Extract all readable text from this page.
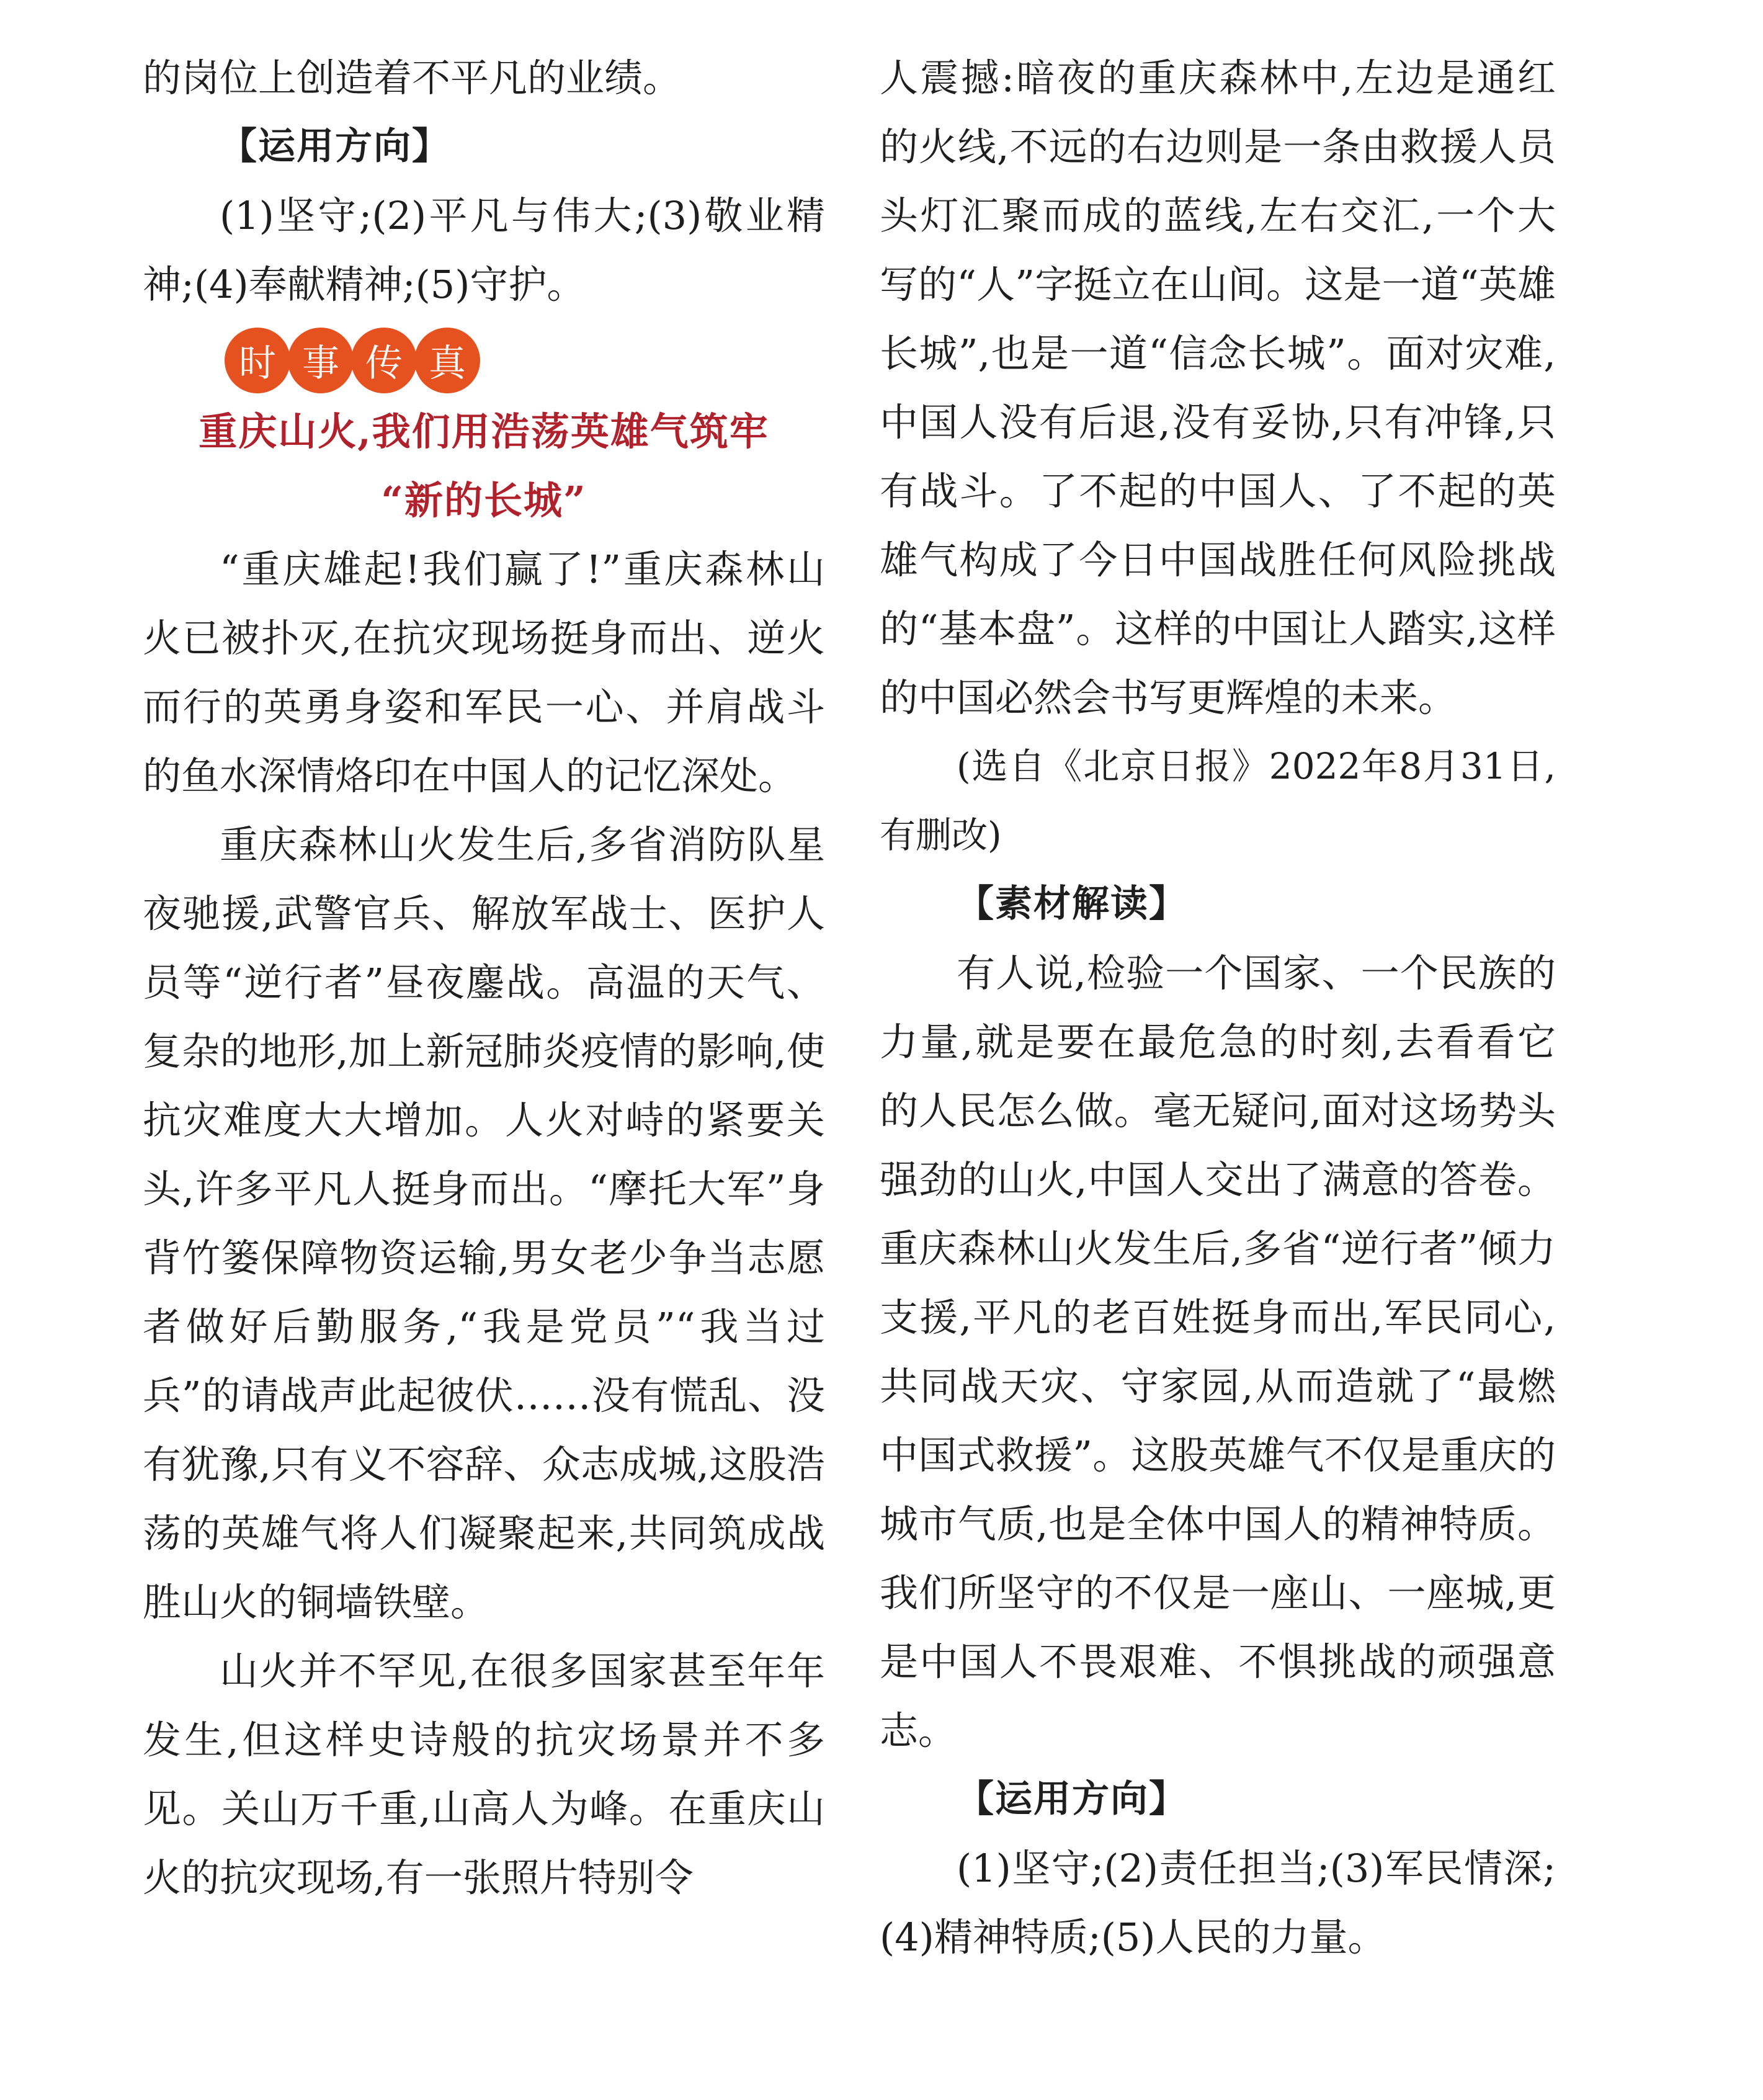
的岗位上创造着不平凡的业绩。

【运用方向】

(1)坚守;(2)平凡与伟大;(3)敬业精神;(4)奉献精神;(5)守护。

时 事 传 真
重庆山火,我们用浩荡英雄气筑牢
“新的长城”

“重庆雄起!我们赢了!”重庆森林山火已被扑灭,在抗灾现场挺身而出、逆火而行的英勇身姿和军民一心、并肩战斗的鱼水深情烙印在中国人的记忆深处。

重庆森林山火发生后,多省消防队星夜驰援,武警官兵、解放军战士、医护人员等“逆行者”昼夜鏖战。高温的天气、复杂的地形,加上新冠肺炎疫情的影响,使抗灾难度大大增加。人火对峙的紧要关头,许多平凡人挺身而出。“摩托大军”身背竹篓保障物资运输,男女老少争当志愿者做好后勤服务,“我是党员”“我当过兵”的请战声此起彼伏……没有慌乱、没有犹豫,只有义不容辞、众志成城,这股浩荡的英雄气将人们凝聚起来,共同筑成战胜山火的铜墙铁壁。

山火并不罕见,在很多国家甚至年年发生,但这样史诗般的抗灾场景并不多见。关山万千重,山高人为峰。在重庆山火的抗灾现场,有一张照片特别令

人震撼:暗夜的重庆森林中,左边是通红的火线,不远的右边则是一条由救援人员头灯汇聚而成的蓝线,左右交汇,一个大写的“人”字挺立在山间。这是一道“英雄长城”,也是一道“信念长城”。面对灾难,中国人没有后退,没有妥协,只有冲锋,只有战斗。了不起的中国人、了不起的英雄气构成了今日中国战胜任何风险挑战的“基本盘”。这样的中国让人踏实,这样的中国必然会书写更辉煌的未来。

(选自《北京日报》2022年8月31日,有删改)

【素材解读】

有人说,检验一个国家、一个民族的力量,就是要在最危急的时刻,去看看它的人民怎么做。毫无疑问,面对这场势头强劲的山火,中国人交出了满意的答卷。重庆森林山火发生后,多省“逆行者”倾力支援,平凡的老百姓挺身而出,军民同心,共同战天灾、守家园,从而造就了“最燃中国式救援”。这股英雄气不仅是重庆的城市气质,也是全体中国人的精神特质。我们所坚守的不仅是一座山、一座城,更是中国人不畏艰难、不惧挑战的顽强意志。

【运用方向】

(1)坚守;(2)责任担当;(3)军民情深;(4)精神特质;(5)人民的力量。
